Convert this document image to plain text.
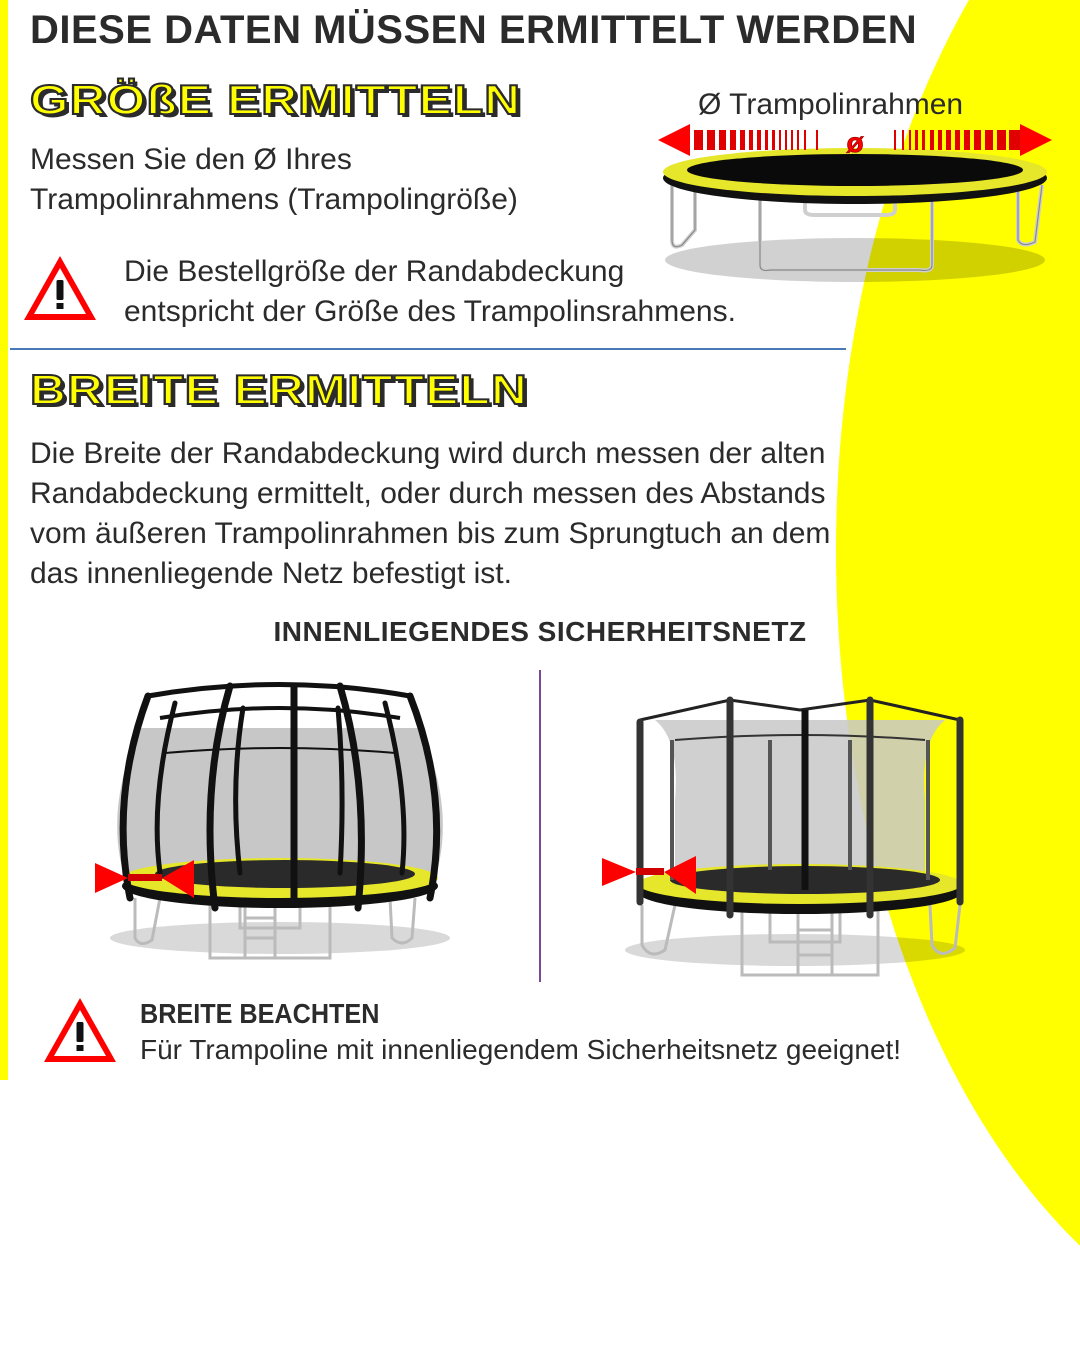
DIESE DATEN MÜSSEN ERMITTELT WERDEN
GRÖßE ERMITTELN
Messen Sie den Ø Ihres
Trampolinrahmens (Trampolingröße)
Ø Trampolinrahmen
ø
Die Bestellgröße der Randabdeckung
entspricht der Größe des Trampolinsrahmens.
BREITE ERMITTELN
Die Breite der Randabdeckung wird durch messen der alten
Randabdeckung ermittelt, oder durch messen des Abstands
vom äußeren Trampolinrahmen bis zum Sprungtuch an dem
das innenliegende Netz befestigt ist.
INNENLIEGENDES SICHERHEITSNETZ
BREITE BEACHTEN
Für Trampoline mit innenliegendem Sicherheitsnetz geeignet!
